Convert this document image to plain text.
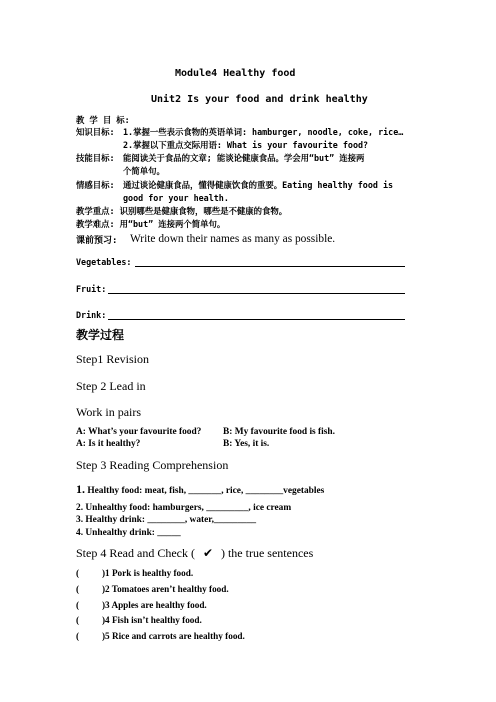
Module4 Healthy food
Unit2 Is your food and drink healthy
教 学 目 标:
知识目标: 1.掌握一些表示食物的英语单词: hamburger, noodle, coke, rice…
2.掌握以下重点交际用语: What is your favourite food?
技能目标: 能阅读关于食品的文章; 能谈论健康食品。学会用“but” 连接两
个简单句。
情感目标: 通过谈论健康食品，懂得健康饮食的重要。Eating healthy food is
good for your health.
教学重点: 识别哪些是健康食物，哪些是不健康的食物。
教学难点: 用“but” 连接两个简单句。
课前预习: Write down their names as many as possible.
Vegetables:
Fruit:
Drink:
教学过程
Step1 Revision
Step 2 Lead in
Work in pairs
A: What’s your favourite food? B: My favourite food is fish.
A: Is it healthy?	B: Yes, it is.
Step 3 Reading Comprehension
1. Healthy food: meat, fish, _______, rice, ________vegetables
2. Unhealthy food: hamburgers, _________, ice cream
3. Healthy drink: ________, water,_________
4. Unhealthy drink: _____
Step 4 Read and Check ( ✔ ) the true sentences
( )1 Pork is healthy food.
( )2 Tomatoes aren’t healthy food.
( )3 Apples are healthy food.
( )4 Fish isn’t healthy food.
( )5 Rice and carrots are healthy food.
